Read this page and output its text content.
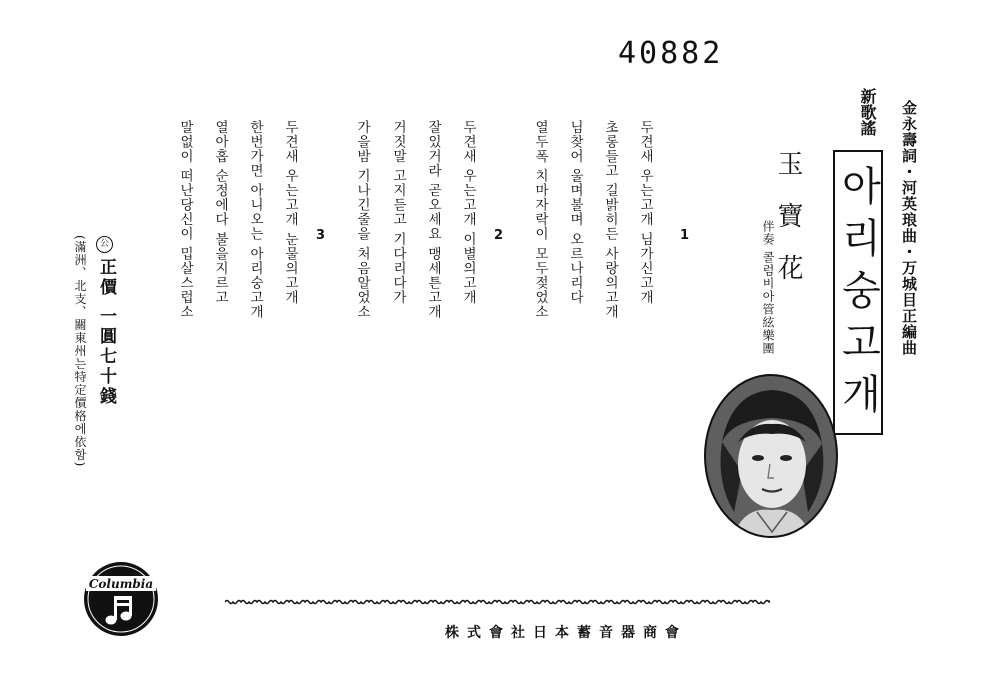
40882
金永壽詞・河英琅曲・万城目正編曲
新歌謠
아리숭고개
玉寶花
伴奏 콜럼비아管絃樂團
1
두견새 우는고개 님가신고개
초롱들고 길밝히든 사랑의고개
님찾어 울며불며 오르나리다
열두폭 치마자락이 모두젖었소
2
두견새 우는고개 이별의고개
잘있거라 곧오세요 맹세튼고개
거짓말 고지듣고 기다리다가
가을밤 기나긴줄을 처음알었소
3
두견새 우는고개 눈물의고개
한번가면 아니오는 아리숭고개
열아홉 순정에다 불을지르고
말없이 떠난당신이 밉살스럽소
公
正價 一圓七十錢
(滿洲、北支、關東州는特定價格에依함)
株式會社日本蓄音器商會
Columbia
